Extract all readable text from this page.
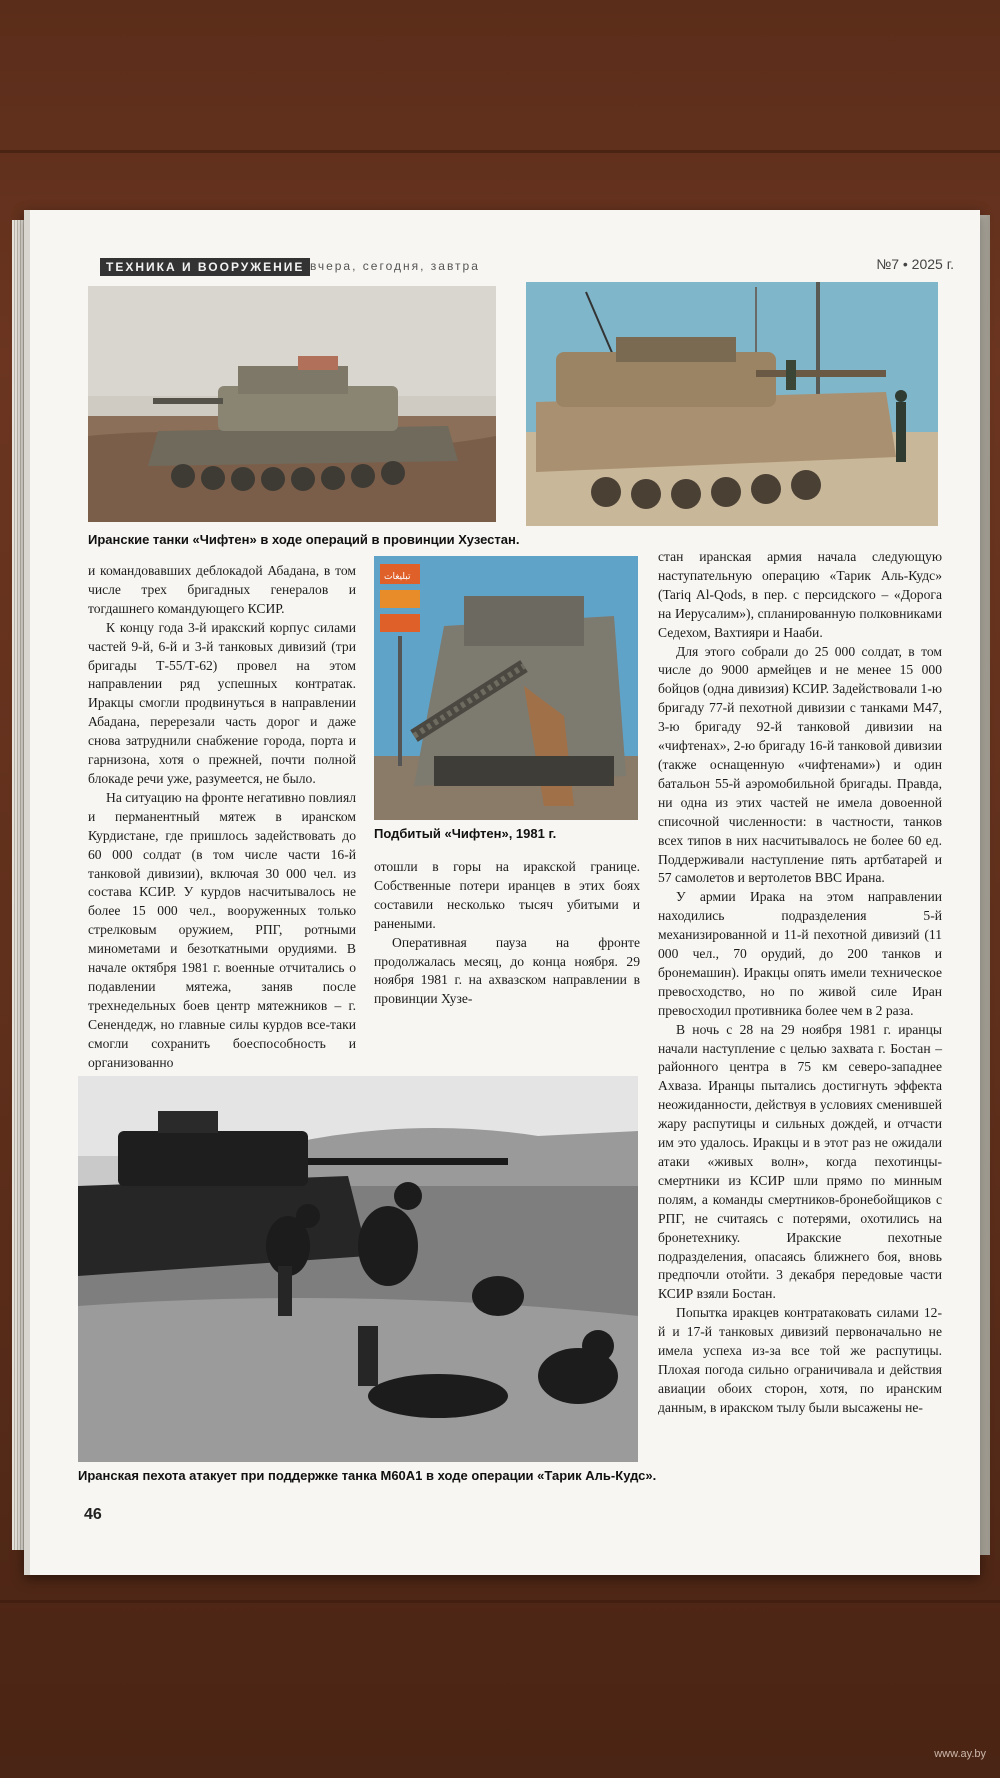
ТЕХНИКА И ВООРУЖЕНИЕ вчера, сегодня, завтра	№7 • 2025 г.
Иранские танки «Чифтен» в ходе операций в провинции Хузестан.

и командовавших деблокадой Абадана, в том числе трех бригадных генералов и тогдашнего командующего КСИР.

К концу года 3-й иракский корпус силами частей 9-й, 6-й и 3-й танковых дивизий (три бригады Т-55/Т-62) провел на этом направлении ряд успешных контратак. Иракцы смогли продвинуться в направлении Абадана, перерезали часть дорог и даже снова затруднили снабжение города, порта и гарнизона, хотя о прежней, почти полной блокаде речи уже, разумеется, не было.

На ситуацию на фронте негативно повлиял и перманентный мятеж в иранском Курдистане, где пришлось задействовать до 60 000 солдат (в том числе части 16-й танковой дивизии), включая 30 000 чел. из состава КСИР. У курдов насчитывалось не более 15 000 чел., вооруженных только стрелковым оружием, РПГ, ротными минометами и безоткатными орудиями. В начале октября 1981 г. военные отчитались о подавлении мятежа, заняв после трехнедельных боев центр мятежников – г. Сенендедж, но главные силы курдов все-таки смогли сохранить боеспособность и организованно

تبلیغات
Подбитый «Чифтен», 1981 г.

отошли в горы на иракской границе. Собственные потери иранцев в этих боях составили несколько тысяч убитыми и ранеными.

Оперативная пауза на фронте продолжалась месяц, до конца ноября. 29 ноября 1981 г. на ахвазском направлении в провинции Хузе-

стан иранская армия начала следующую наступательную операцию «Тарик Аль-Кудс» (Tariq Al-Qods, в пер. с персидского – «Дорога на Иерусалим»), спланированную полковниками Седехом, Вахтияри и Нааби.

Для этого собрали до 25 000 солдат, в том числе до 9000 армейцев и не менее 15 000 бойцов (одна дивизия) КСИР. Задействовали 1-ю бригаду 77-й пехотной дивизии с танками M47, 3-ю бригаду 92-й танковой дивизии на «чифтенах», 2-ю бригаду 16-й танковой дивизии (также оснащенную «чифтенами») и один батальон 55-й аэромобильной бригады. Правда, ни одна из этих частей не имела довоенной списочной численности: в частности, танков всех типов в них насчитывалось не более 60 ед. Поддерживали наступление пять артбатарей и 57 самолетов и вертолетов ВВС Ирана.

У армии Ирака на этом направлении находились подразделения 5-й механизированной и 11-й пехотной дивизий (11 000 чел., 70 орудий, до 200 танков и бронемашин). Иракцы опять имели техническое превосходство, но по живой силе Иран превосходил противника более чем в 2 раза.

В ночь с 28 на 29 ноября 1981 г. иранцы начали наступление с целью захвата г. Бостан – районного центра в 75 км северо-западнее Ахваза. Иранцы пытались достигнуть эффекта неожиданности, действуя в условиях сменившей жару распутицы и сильных дождей, и отчасти им это удалось. Иракцы и в этот раз не ожидали атаки «живых волн», когда пехотинцы-смертники из КСИР шли прямо по минным полям, а команды смертников-бронебойщиков с РПГ, не считаясь с потерями, охотились на бронетехнику. Иракские пехотные подразделения, опасаясь ближнего боя, вновь предпочли отойти. 3 декабря передовые части КСИР взяли Бостан.

Попытка иракцев контратаковать силами 12-й и 17-й танковых дивизий первоначально не имела успеха из-за все той же распутицы. Плохая погода сильно ограничивала и действия авиации обоих сторон, хотя, по иранским данным, в иракском тылу были высажены не-

Иранская пехота атакует при поддержке танка M60A1 в ходе операции «Тарик Аль-Кудс».
46
www.ay.by
